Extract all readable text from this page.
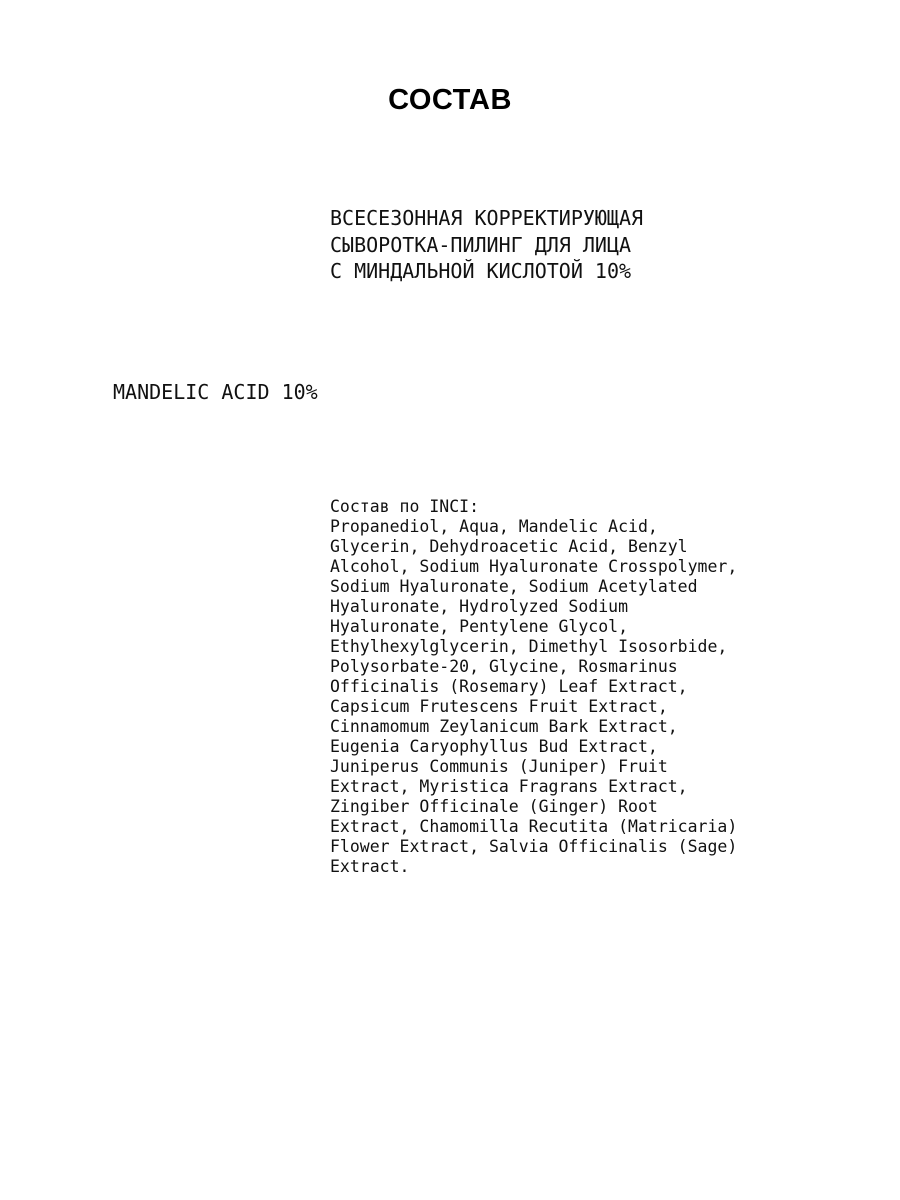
СОСТАВ
ВСЕСЕЗОННАЯ КОРРЕКТИРУЮЩАЯ
СЫВОРОТКА-ПИЛИНГ ДЛЯ ЛИЦА
С МИНДАЛЬНОЙ КИСЛОТОЙ 10%
MANDELIC ACID 10%
Состав по INCI:
Propanediol, Aqua, Mandelic Acid,
Glycerin, Dehydroacetic Acid, Benzyl
Alcohol, Sodium Hyaluronate Crosspolymer,
Sodium Hyaluronate, Sodium Acetylated
Hyaluronate, Hydrolyzed Sodium
Hyaluronate, Pentylene Glycol,
Ethylhexylglycerin, Dimethyl Isosorbide,
Polysorbate-20, Glycine, Rosmarinus
Officinalis (Rosemary) Leaf Extract,
Capsicum Frutescens Fruit Extract,
Cinnamomum Zeylanicum Bark Extract,
Eugenia Caryophyllus Bud Extract,
Juniperus Communis (Juniper) Fruit
Extract, Myristica Fragrans Extract,
Zingiber Officinale (Ginger) Root
Extract, Chamomilla Recutita (Matricaria)
Flower Extract, Salvia Officinalis (Sage)
Extract.
